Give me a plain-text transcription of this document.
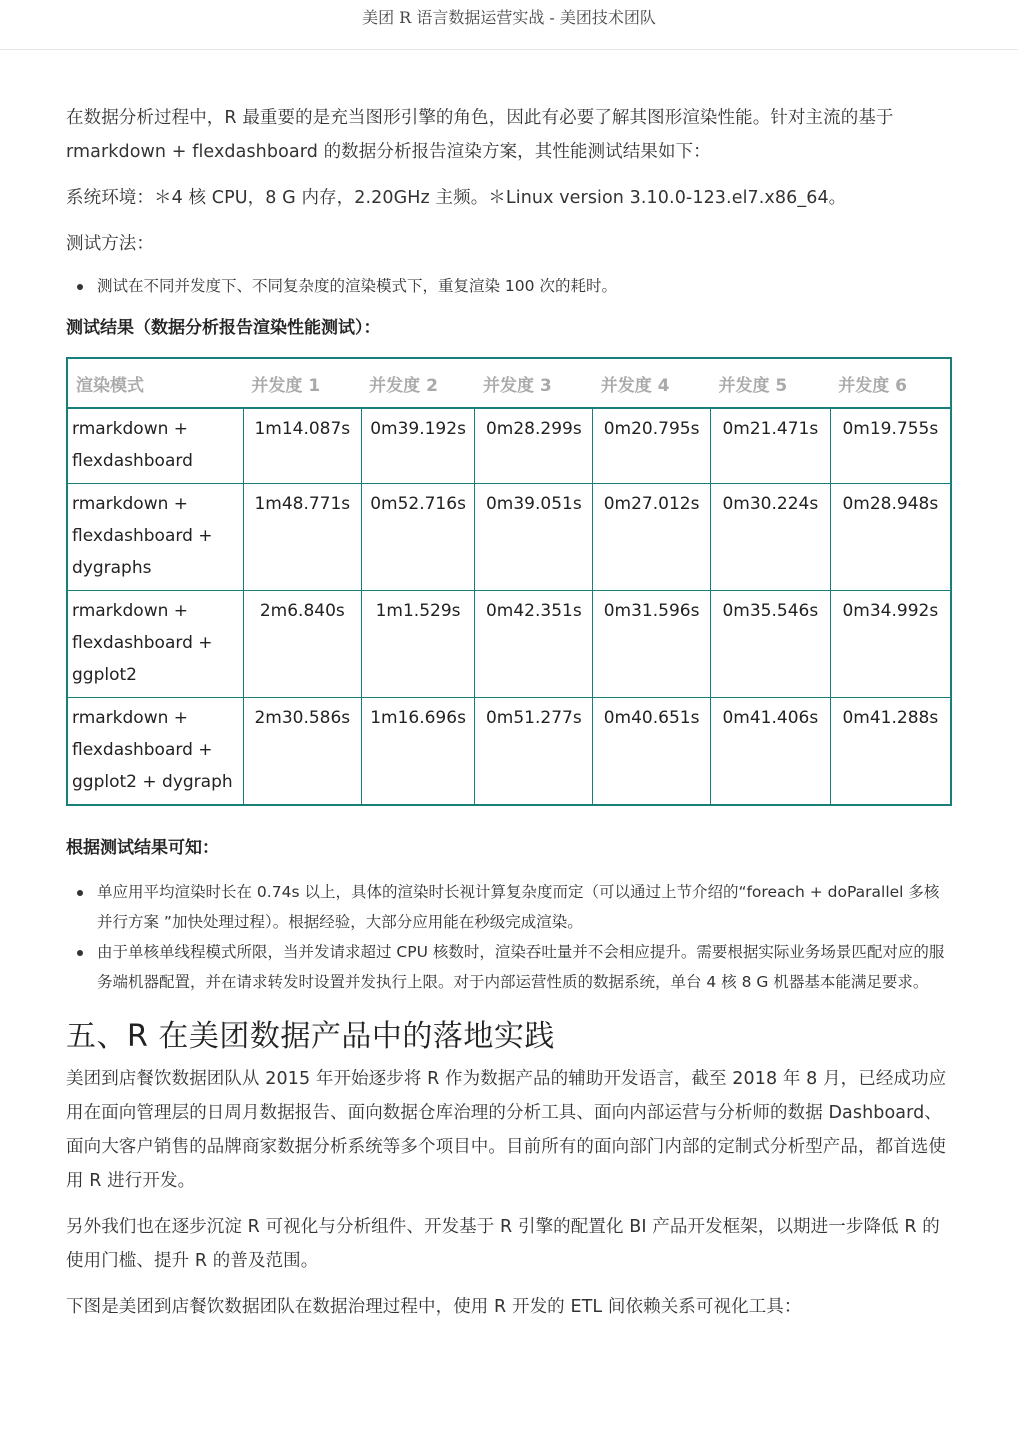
美团 R 语言数据运营实战 - 美团技术团队

在数据分析过程中，R 最重要的是充当图形引擎的角色，因此有必要了解其图形渲染性能。针对主流的基于 rmarkdown + flexdashboard 的数据分析报告渲染方案，其性能测试结果如下：

系统环境：＊4 核 CPU，8 G 内存，2.20GHz 主频。＊Linux version 3.10.0-123.el7.x86_64。

测试方法：

测试在不同并发度下、不同复杂度的渲染模式下，重复渲染 100 次的耗时。
测试结果（数据分析报告渲染性能测试）：
渲染模式	并发度 1	并发度 2	并发度 3	并发度 4	并发度 5	并发度 6

rmarkdown +
flexdashboard	1m14.087s	0m39.192s	0m28.299s	0m20.795s	0m21.471s	0m19.755s

rmarkdown +
flexdashboard +
dygraphs	1m48.771s	0m52.716s	0m39.051s	0m27.012s	0m30.224s	0m28.948s

rmarkdown +
flexdashboard +
ggplot2	2m6.840s	1m1.529s	0m42.351s	0m31.596s	0m35.546s	0m34.992s

rmarkdown +
flexdashboard +
ggplot2 + dygraph	2m30.586s	1m16.696s	0m51.277s	0m40.651s	0m41.406s	0m41.288s
根据测试结果可知：
单应用平均渲染时长在 0.74s 以上，具体的渲染时长视计算复杂度而定（可以通过上节介绍的“foreach + doParallel 多核并行方案 ”加快处理过程）。根据经验，大部分应用能在秒级完成渲染。
由于单核单线程模式所限，当并发请求超过 CPU 核数时，渲染吞吐量并不会相应提升。需要根据实际业务场景匹配对应的服务端机器配置，并在请求转发时设置并发执行上限。对于内部运营性质的数据系统，单台 4 核 8 G 机器基本能满足要求。
五、R 在美团数据产品中的落地实践

美团到店餐饮数据团队从 2015 年开始逐步将 R 作为数据产品的辅助开发语言，截至 2018 年 8 月，已经成功应用在面向管理层的日周月数据报告、面向数据仓库治理的分析工具、面向内部运营与分析师的数据 Dashboard、面向大客户销售的品牌商家数据分析系统等多个项目中。目前所有的面向部门内部的定制式分析型产品，都首选使用 R 进行开发。

另外我们也在逐步沉淀 R 可视化与分析组件、开发基于 R 引擎的配置化 BI 产品开发框架，以期进一步降低 R 的使用门槛、提升 R 的普及范围。

下图是美团到店餐饮数据团队在数据治理过程中，使用 R 开发的 ETL 间依赖关系可视化工具：
